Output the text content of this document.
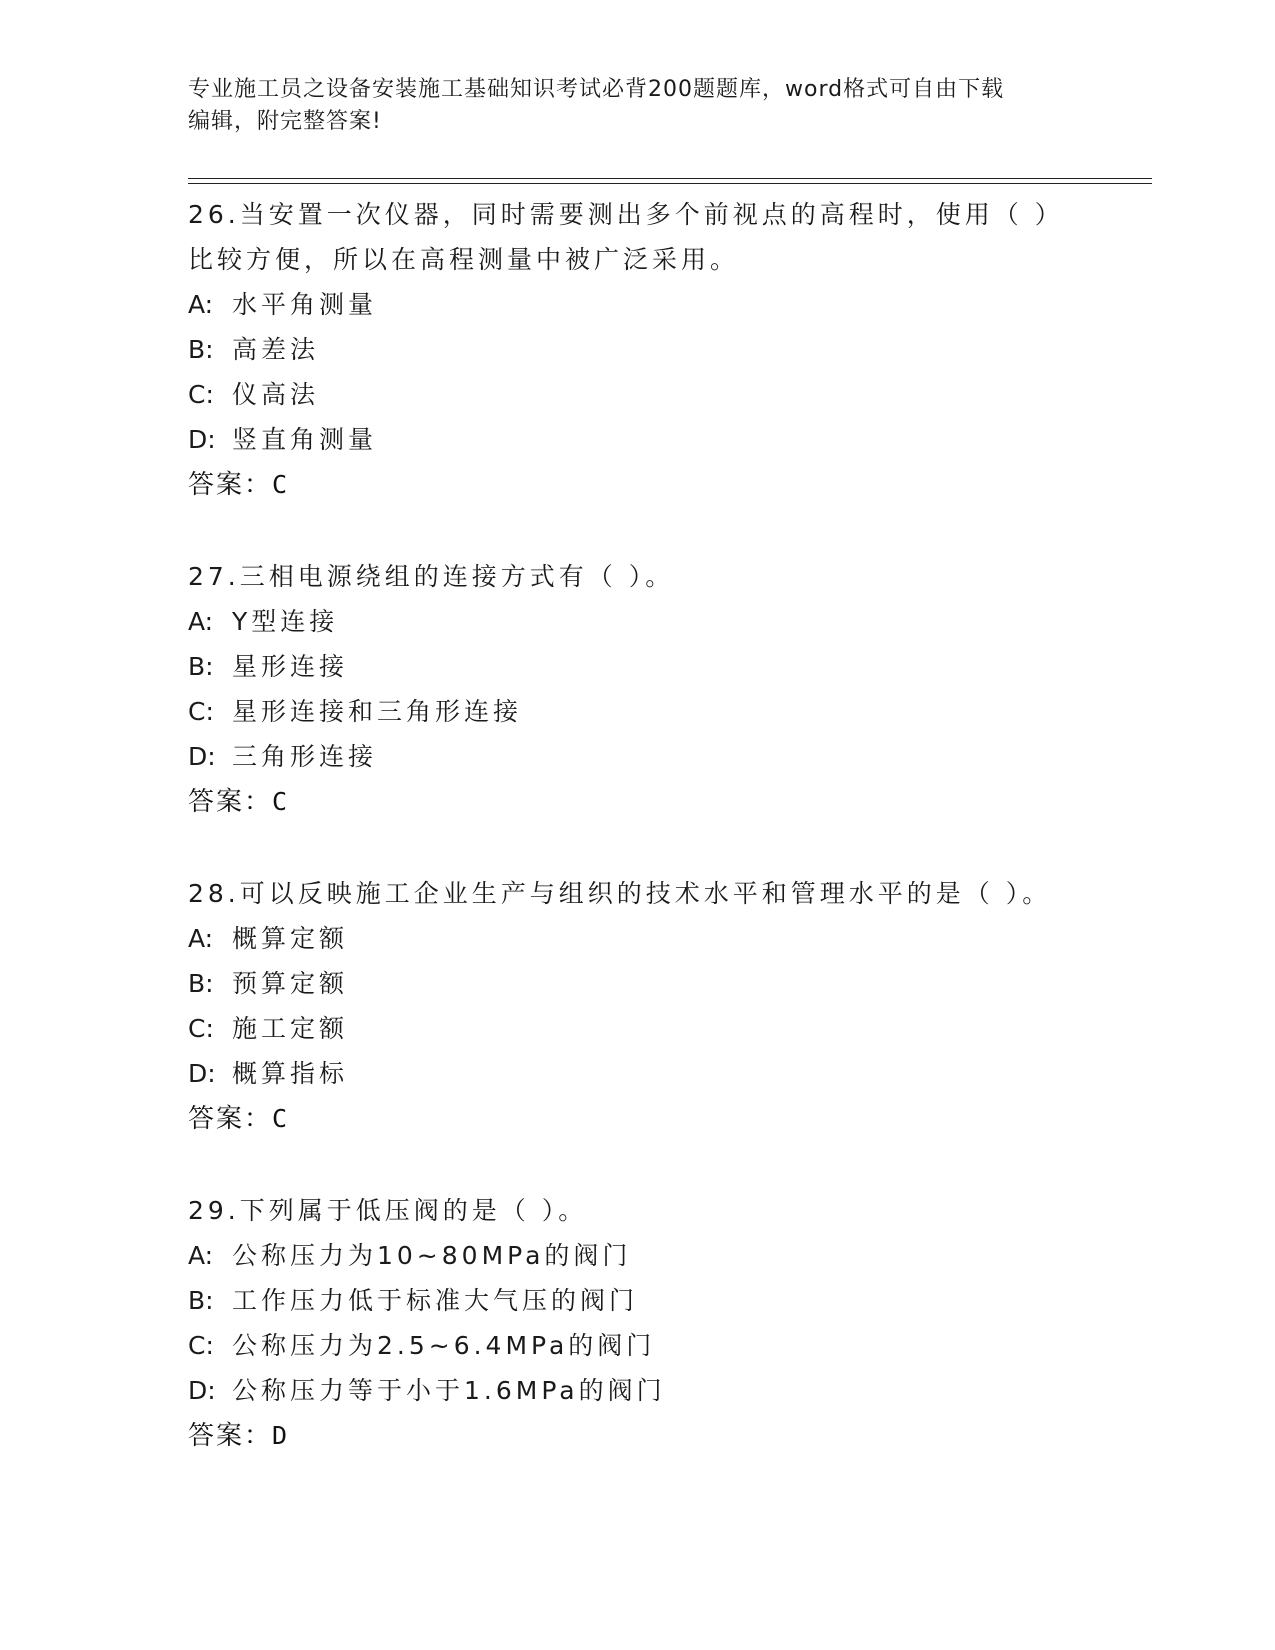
专业施工员之设备安装施工基础知识考试必背200题题库，word格式可自由下载
编辑，附完整答案!
26.当安置一次仪器，同时需要测出多个前视点的高程时，使用（ ）
比较方便，所以在高程测量中被广泛采用。
A: 水平角测量
B: 高差法
C: 仪高法
D: 竖直角测量
答案：C
27.三相电源绕组的连接方式有（ ）。
A: Y型连接
B: 星形连接
C: 星形连接和三角形连接
D: 三角形连接
答案：C
28.可以反映施工企业生产与组织的技术水平和管理水平的是（ ）。
A: 概算定额
B: 预算定额
C: 施工定额
D: 概算指标
答案：C
29.下列属于低压阀的是（ ）。
A: 公称压力为10~80MPa的阀门
B: 工作压力低于标准大气压的阀门
C: 公称压力为2.5~6.4MPa的阀门
D: 公称压力等于小于1.6MPa的阀门
答案：D
